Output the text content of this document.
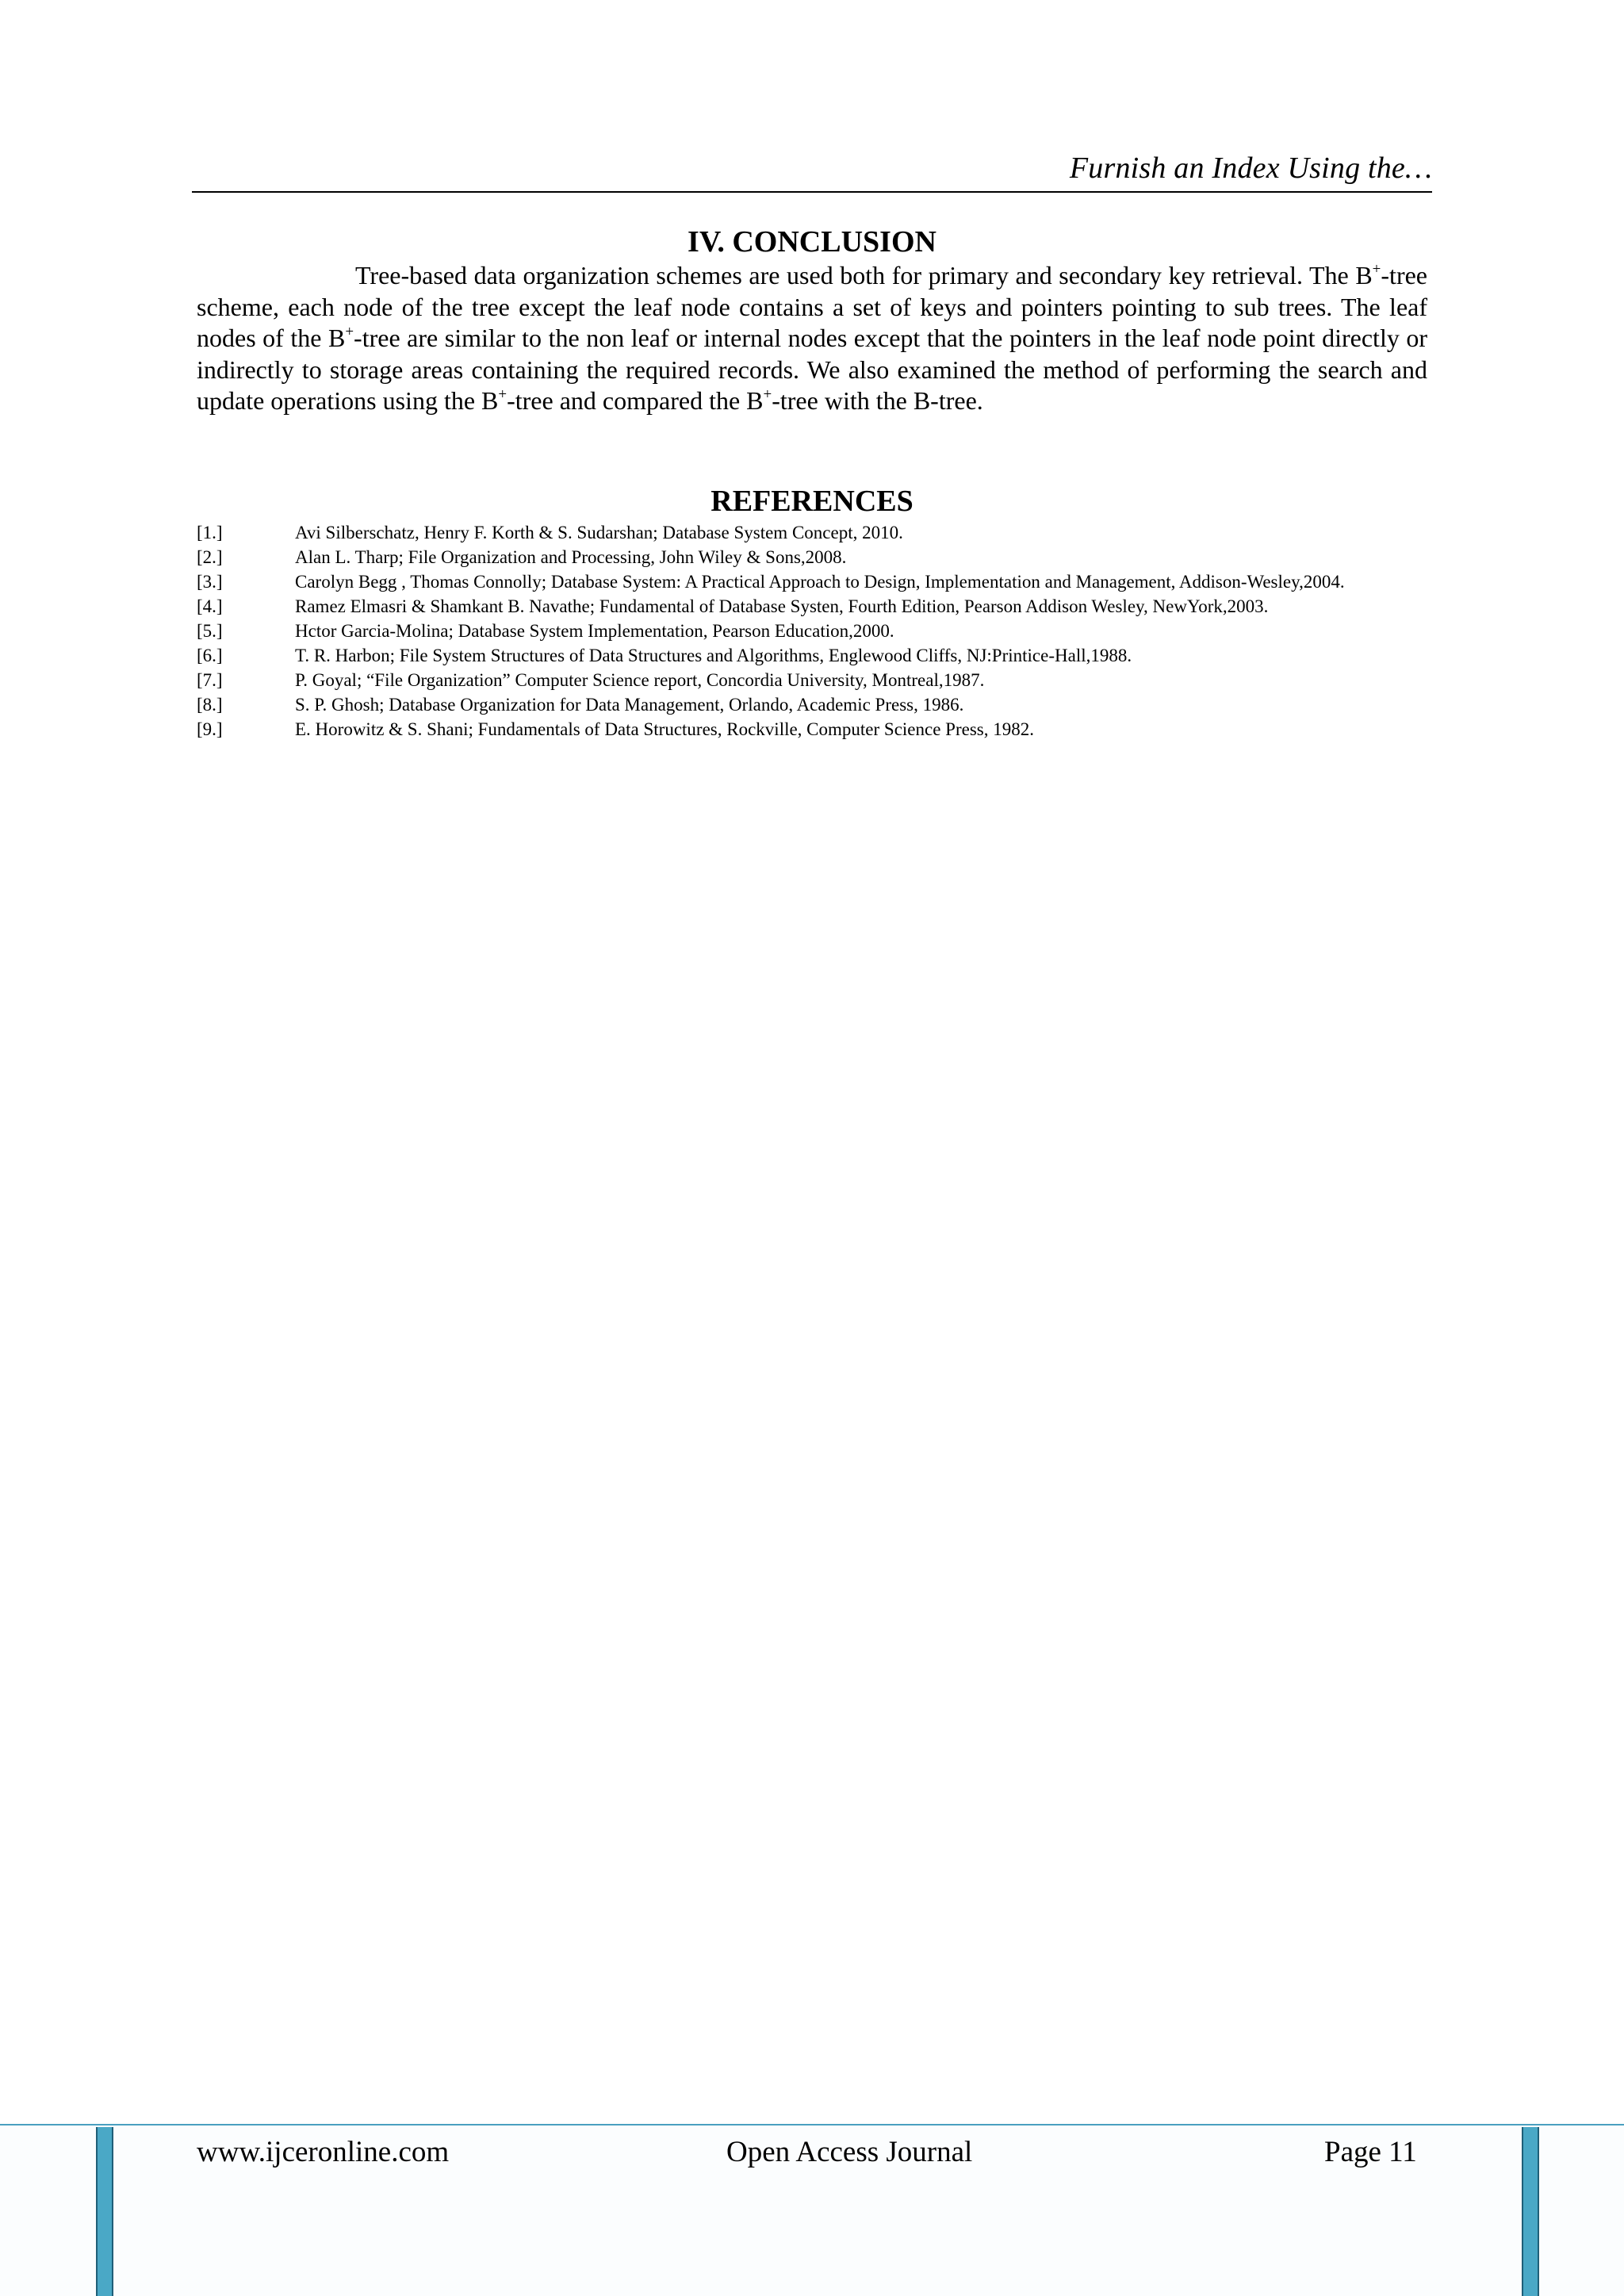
Furnish an Index Using the…
IV. CONCLUSION

Tree-based data organization schemes are used both for primary and secondary key retrieval. The B+-tree scheme, each node of the tree except the leaf node contains a set of keys and pointers pointing to sub trees. The leaf nodes of the B+-tree are similar to the non leaf or internal nodes except that the pointers in the leaf node point directly or indirectly to storage areas containing the required records. We also examined the method of performing the search and update operations using the B+-tree and compared the B+-tree with the B-tree.

REFERENCES
[1.]	Avi Silberschatz, Henry F. Korth & S. Sudarshan; Database System Concept, 2010.
[2.]	Alan L. Tharp; File Organization and Processing, John Wiley & Sons,2008.
[3.]	Carolyn Begg , Thomas Connolly; Database System: A Practical Approach to Design, Implementation and Management, Addison-Wesley,2004.
[4.]	Ramez Elmasri & Shamkant B. Navathe; Fundamental of Database Systen, Fourth Edition, Pearson Addison Wesley, NewYork,2003.
[5.]	Hctor Garcia-Molina; Database System Implementation, Pearson Education,2000.
[6.]	T. R. Harbon; File System Structures of Data Structures and Algorithms, Englewood Cliffs, NJ:Printice-Hall,1988.
[7.]	P. Goyal; “File Organization” Computer Science report, Concordia University, Montreal,1987.
[8.]	S. P. Ghosh; Database Organization for Data Management, Orlando, Academic Press, 1986.
[9.]	E. Horowitz & S. Shani; Fundamentals of Data Structures, Rockville, Computer Science Press, 1982.
www.ijceronline.com	Open Access Journal	Page 11
